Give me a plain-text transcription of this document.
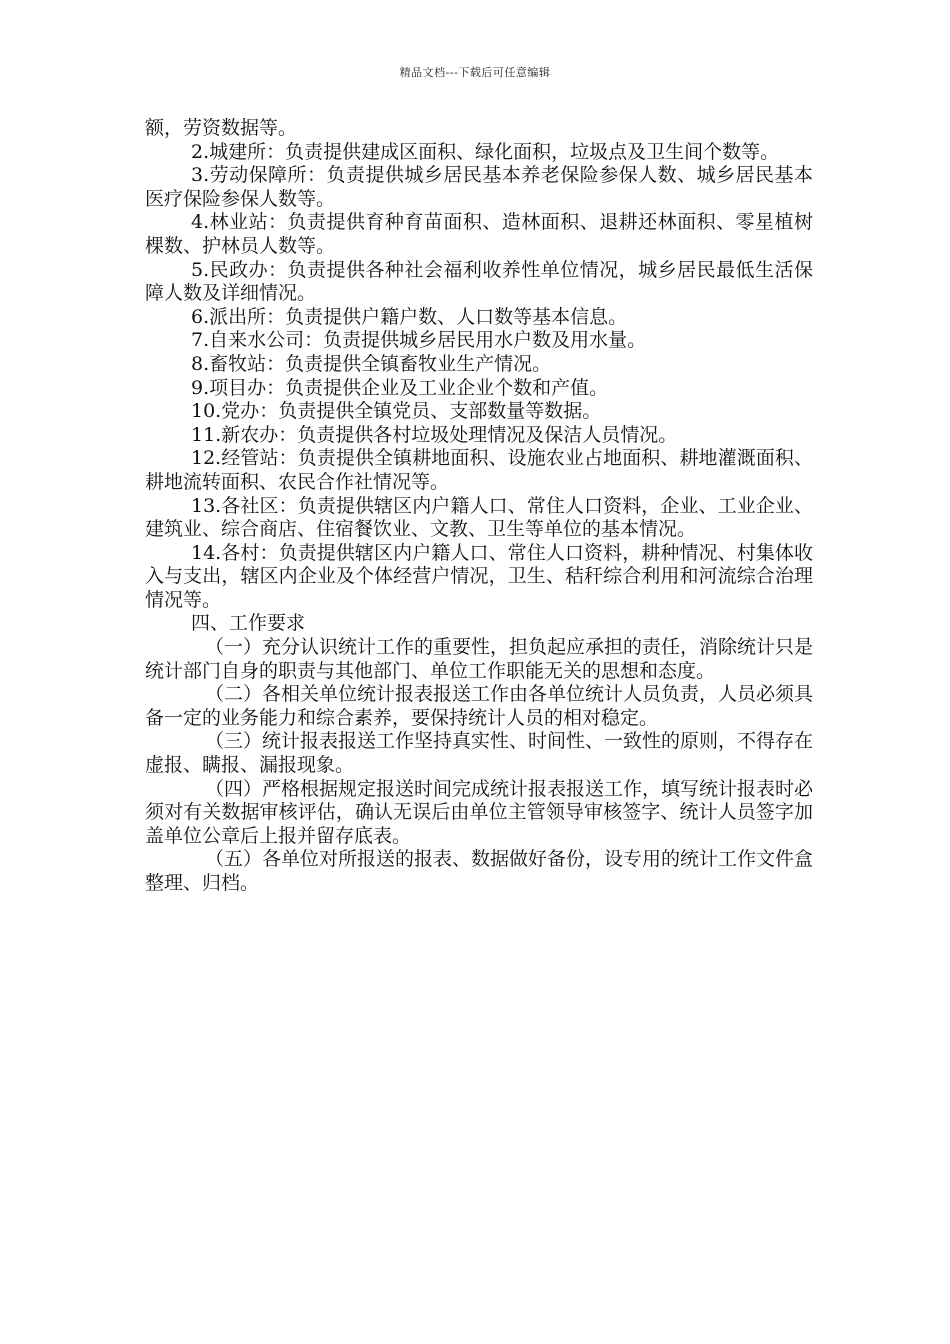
精品文档---下载后可任意编辑

额，劳资数据等。

2.城建所：负责提供建成区面积、绿化面积，垃圾点及卫生间个数等。

3.劳动保障所：负责提供城乡居民基本养老保险参保人数、城乡居民基本医疗保险参保人数等。

4.林业站：负责提供育种育苗面积、造林面积、退耕还林面积、零星植树棵数、护林员人数等。

5.民政办：负责提供各种社会福利收养性单位情况，城乡居民最低生活保障人数及详细情况。

6.派出所：负责提供户籍户数、人口数等基本信息。

7.自来水公司：负责提供城乡居民用水户数及用水量。

8.畜牧站：负责提供全镇畜牧业生产情况。

9.项目办：负责提供企业及工业企业个数和产值。

10.党办：负责提供全镇党员、支部数量等数据。

11.新农办：负责提供各村垃圾处理情况及保洁人员情况。

12.经管站：负责提供全镇耕地面积、设施农业占地面积、耕地灌溉面积、耕地流转面积、农民合作社情况等。

13.各社区：负责提供辖区内户籍人口、常住人口资料，企业、工业企业、建筑业、综合商店、住宿餐饮业、文教、卫生等单位的基本情况。

14.各村：负责提供辖区内户籍人口、常住人口资料，耕种情况、村集体收入与支出，辖区内企业及个体经营户情况，卫生、秸秆综合利用和河流综合治理情况等。

四、工作要求

（一）充分认识统计工作的重要性，担负起应承担的责任，消除统计只是统计部门自身的职责与其他部门、单位工作职能无关的思想和态度。

（二）各相关单位统计报表报送工作由各单位统计人员负责，人员必须具备一定的业务能力和综合素养，要保持统计人员的相对稳定。

（三）统计报表报送工作坚持真实性、时间性、一致性的原则，不得存在虚报、瞒报、漏报现象。

（四）严格根据规定报送时间完成统计报表报送工作，填写统计报表时必须对有关数据审核评估，确认无误后由单位主管领导审核签字、统计人员签字加盖单位公章后上报并留存底表。

（五）各单位对所报送的报表、数据做好备份，设专用的统计工作文件盒整理、归档。
